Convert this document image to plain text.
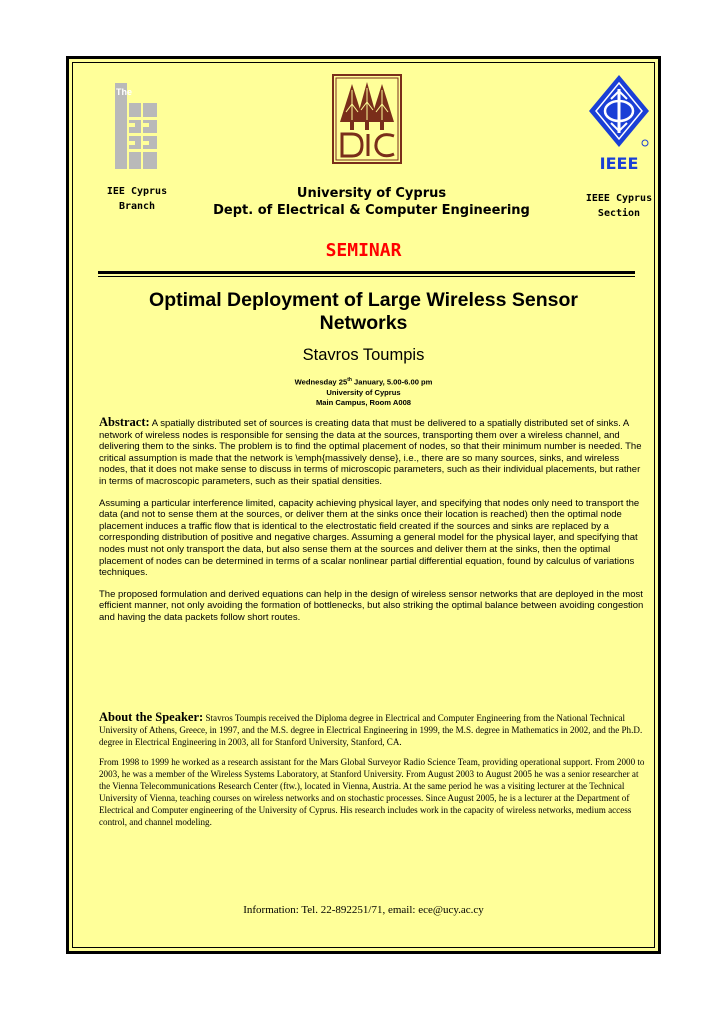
The
IEEE
IEE Cyprus
Branch
University of Cyprus
Dept. of Electrical & Computer Engineering
IEEE Cyprus
Section
SEMINAR
Optimal Deployment of Large Wireless Sensor Networks
Stavros Toumpis
Wednesday 25th January, 5.00-6.00 pm
University of Cyprus
Main Campus, Room A008

Abstract: A spatially distributed set of sources is creating data that must be delivered to a spatially distributed set of sinks. A network of wireless nodes is responsible for sensing the data at the sources, transporting them over a wireless channel, and delivering them to the sinks. The problem is to find the optimal placement of nodes, so that their minimum number is needed. The critical assumption is made that the network is \emph{massively dense}, i.e., there are so many sources, sinks, and wireless nodes, that it does not make sense to discuss in terms of microscopic parameters, such as their individual placements, but rather in terms of macroscopic parameters, such as their spatial densities.

Assuming a particular interference limited, capacity achieving physical layer, and specifying that nodes only need to transport the data (and not to sense them at the sources, or deliver them at the sinks once their location is reached) then the optimal node placement induces a traffic flow that is identical to the electrostatic field created if the sources and sinks are replaced by a corresponding distribution of positive and negative charges. Assuming a general model for the physical layer, and specifying that nodes must not only transport the data, but also sense them at the sources and deliver them at the sinks, then the optimal placement of nodes can be determined in terms of a scalar nonlinear partial differential equation, found by calculus of variations techniques.

The proposed formulation and derived equations can help in the design of wireless sensor networks that are deployed in the most efficient manner, not only avoiding the formation of bottlenecks, but also striking the optimal balance between avoiding congestion and having the data packets follow short routes.

About the Speaker: Stavros Toumpis received the Diploma degree in Electrical and Computer Engineering from the National Technical University of Athens, Greece, in 1997, and the M.S. degree in Electrical Engineering in 1999, the M.S. degree in Mathematics in 2002, and the Ph.D. degree in Electrical Engineering in 2003, all for Stanford University, Stanford, CA.

From 1998 to 1999 he worked as a research assistant for the Mars Global Surveyor Radio Science Team, providing operational support. From 2000 to 2003, he was a member of the Wireless Systems Laboratory, at Stanford University. From August 2003 to August 2005 he was a senior researcher at the Vienna Telecommunications Research Center (ftw.), located in Vienna, Austria. At the same period he was a visiting lecturer at the Technical University of Vienna, teaching courses on wireless networks and on stochastic processes. Since August 2005, he is a lecturer at the Department of Electrical and Computer engineering of the University of Cyprus. His research includes work in the capacity of wireless networks, medium access control, and channel modeling.

Information: Tel. 22-892251/71, email: ece@ucy.ac.cy
